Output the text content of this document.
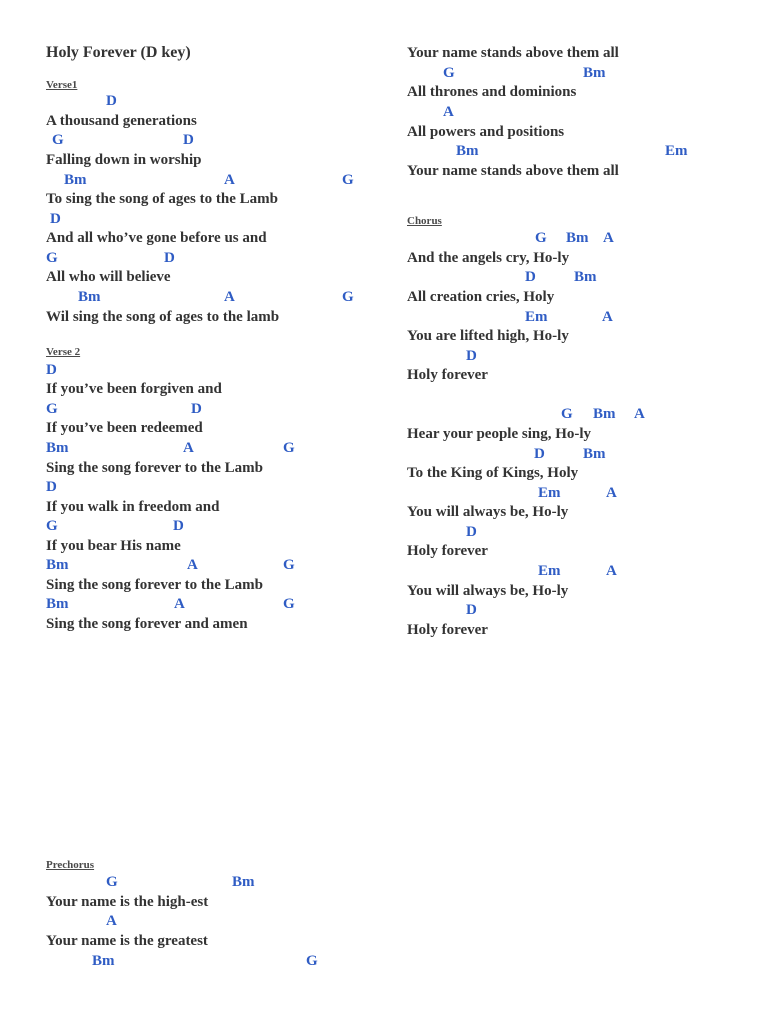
Holy Forever (D key)
Verse1
D
A thousand generations
G	D
Falling down in worship
Bm	A	G
To sing the song of ages to the Lamb
D
And all who’ve gone before us and
G	D
All who will believe
Bm	A	G
Wil sing the song of ages to the lamb
Verse 2
D
If you’ve been forgiven and
G	D
If you’ve been redeemed
Bm	A	G
Sing the song forever to the Lamb
D
If you walk in freedom and
G	D
If you bear His name
Bm	A	G
Sing the song forever to the Lamb
Bm	A	G
Sing the song forever and amen
Prechorus
G	Bm
Your name is the high-est
A
Your name is the greatest
Bm	G
Your name stands above them all
G	Bm
All thrones and dominions
A
All powers and positions
Bm	Em
Your name stands above them all
Chorus
G Bm A
And the angels cry, Ho-ly
D	Bm
All creation cries, Holy
Em	A
You are lifted high, Ho-ly
D
Holy forever
G Bm A
Hear your people sing, Ho-ly
D	Bm
To the King of Kings, Holy
Em	A
You will always be, Ho-ly
D
Holy forever
Em	A
You will always be, Ho-ly
D
Holy forever
